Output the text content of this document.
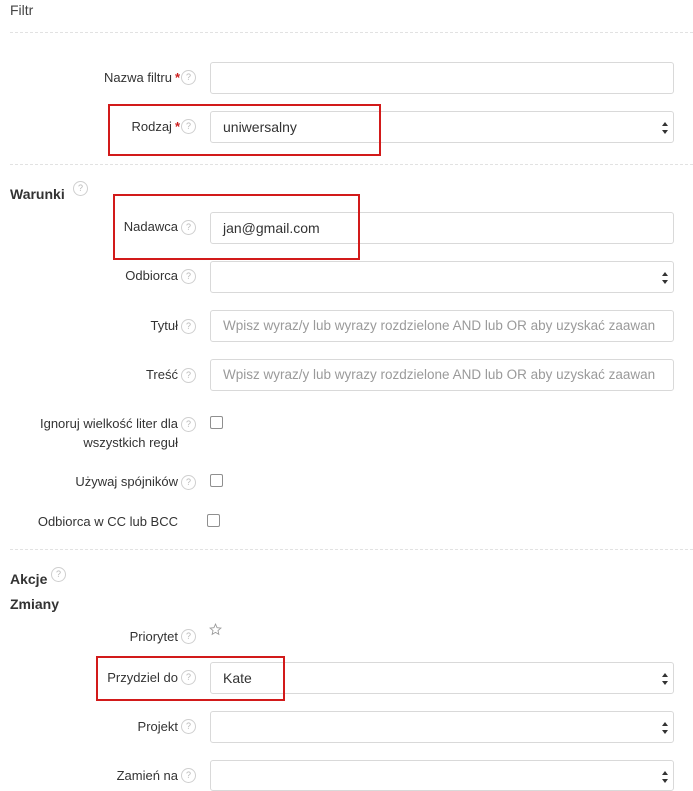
Filtr
Nazwa filtru * ?
Rodzaj * ?	uniwersalny
Warunki	?
Nadawca ?	jan@gmail.com
Odbiorca ?
Tytuł ?	Wpisz wyraz/y lub wyrazy rozdzielone AND lub OR aby uzyskać zaawan
Treść ?	Wpisz wyraz/y lub wyrazy rozdzielone AND lub OR aby uzyskać zaawan
Ignoruj wielkość liter dla wszystkich reguł
?
Używaj spójników ?
Odbiorca w CC lub BCC
Akcje ?
Zmiany
Priorytet ?
Przydziel do ?	Kate
Projekt ?
Zamień na ?
